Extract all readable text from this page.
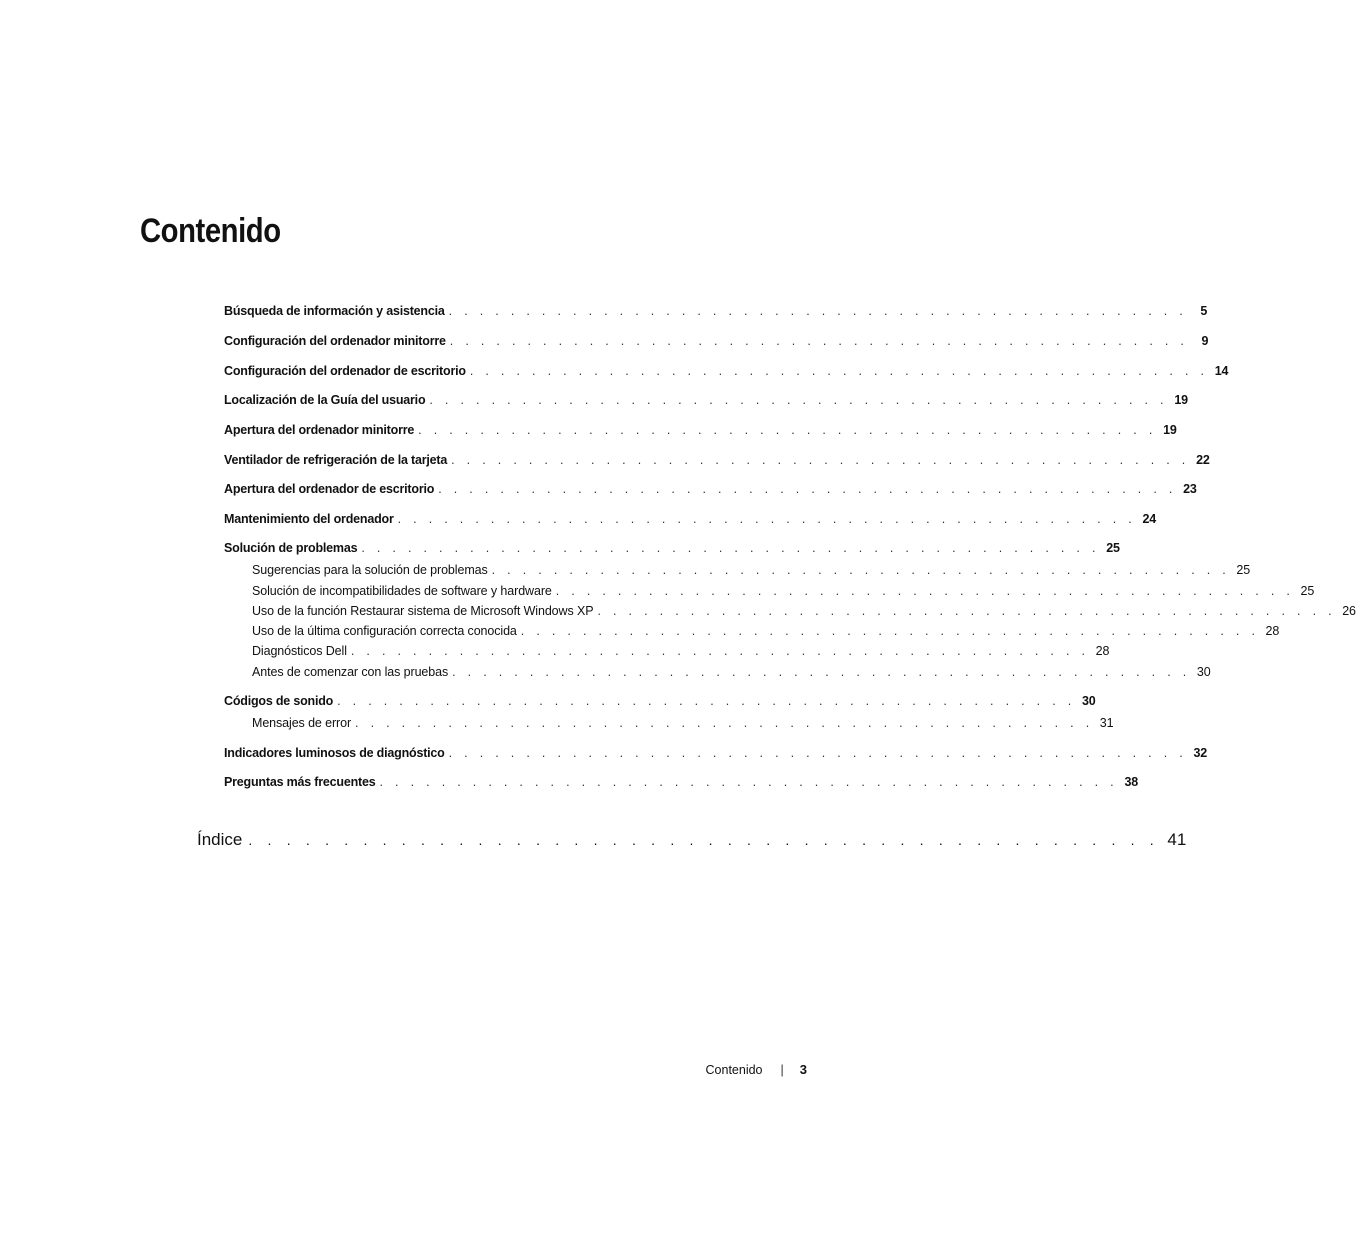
Contenido
Búsqueda de información y asistencia . . . . . . . . . . . . . . . . . . . . . . . . . . . . . . . . . . . . . . . . . . . . . . . .	5
Configuración del ordenador minitorre . . . . . . . . . . . . . . . . . . . . . . . . . . . . . . . . . . . . . . . . . . . . . . . .	9
Configuración del ordenador de escritorio . . . . . . . . . . . . . . . . . . . . . . . . . . . . . . . . . . . . . . . . . . . . . . . . 14
Localización de la Guía del usuario . . . . . . . . . . . . . . . . . . . . . . . . . . . . . . . . . . . . . . . . . . . . . . . . 19
Apertura del ordenador minitorre . . . . . . . . . . . . . . . . . . . . . . . . . . . . . . . . . . . . . . . . . . . . . . . . 19
Ventilador de refrigeración de la tarjeta . . . . . . . . . . . . . . . . . . . . . . . . . . . . . . . . . . . . . . . . . . . . . . . . 22
Apertura del ordenador de escritorio . . . . . . . . . . . . . . . . . . . . . . . . . . . . . . . . . . . . . . . . . . . . . . . . 23
Mantenimiento del ordenador . . . . . . . . . . . . . . . . . . . . . . . . . . . . . . . . . . . . . . . . . . . . . . . . 24
Solución de problemas . . . . . . . . . . . . . . . . . . . . . . . . . . . . . . . . . . . . . . . . . . . . . . . . 25
Sugerencias para la solución de problemas . . . . . . . . . . . . . . . . . . . . . . . . . . . . . . . . . . . . . . . . . . . . . . . . 25
Solución de incompatibilidades de software y hardware . . . . . . . . . . . . . . . . . . . . . . . . . . . . . . . . . . . . . . . . . . . . . . . . 25
Uso de la función Restaurar sistema de Microsoft Windows XP . . . . . . . . . . . . . . . . . . . . . . . . . . . . . . . . . . . . . . . . . . . . . . . . 26
Uso de la última configuración correcta conocida . . . . . . . . . . . . . . . . . . . . . . . . . . . . . . . . . . . . . . . . . . . . . . . . 28
Diagnósticos Dell . . . . . . . . . . . . . . . . . . . . . . . . . . . . . . . . . . . . . . . . . . . . . . . . 28
Antes de comenzar con las pruebas . . . . . . . . . . . . . . . . . . . . . . . . . . . . . . . . . . . . . . . . . . . . . . . . 30
Códigos de sonido . . . . . . . . . . . . . . . . . . . . . . . . . . . . . . . . . . . . . . . . . . . . . . . . 30
Mensajes de error . . . . . . . . . . . . . . . . . . . . . . . . . . . . . . . . . . . . . . . . . . . . . . . . 31
Indicadores luminosos de diagnóstico . . . . . . . . . . . . . . . . . . . . . . . . . . . . . . . . . . . . . . . . . . . . . . . . 32
Preguntas más frecuentes . . . . . . . . . . . . . . . . . . . . . . . . . . . . . . . . . . . . . . . . . . . . . . . . 38
Índice . . . . . . . . . . . . . . . . . . . . . . . . . . . . . . . . . . . . . . . . . . . . . . . . 41
Contenido | 3
